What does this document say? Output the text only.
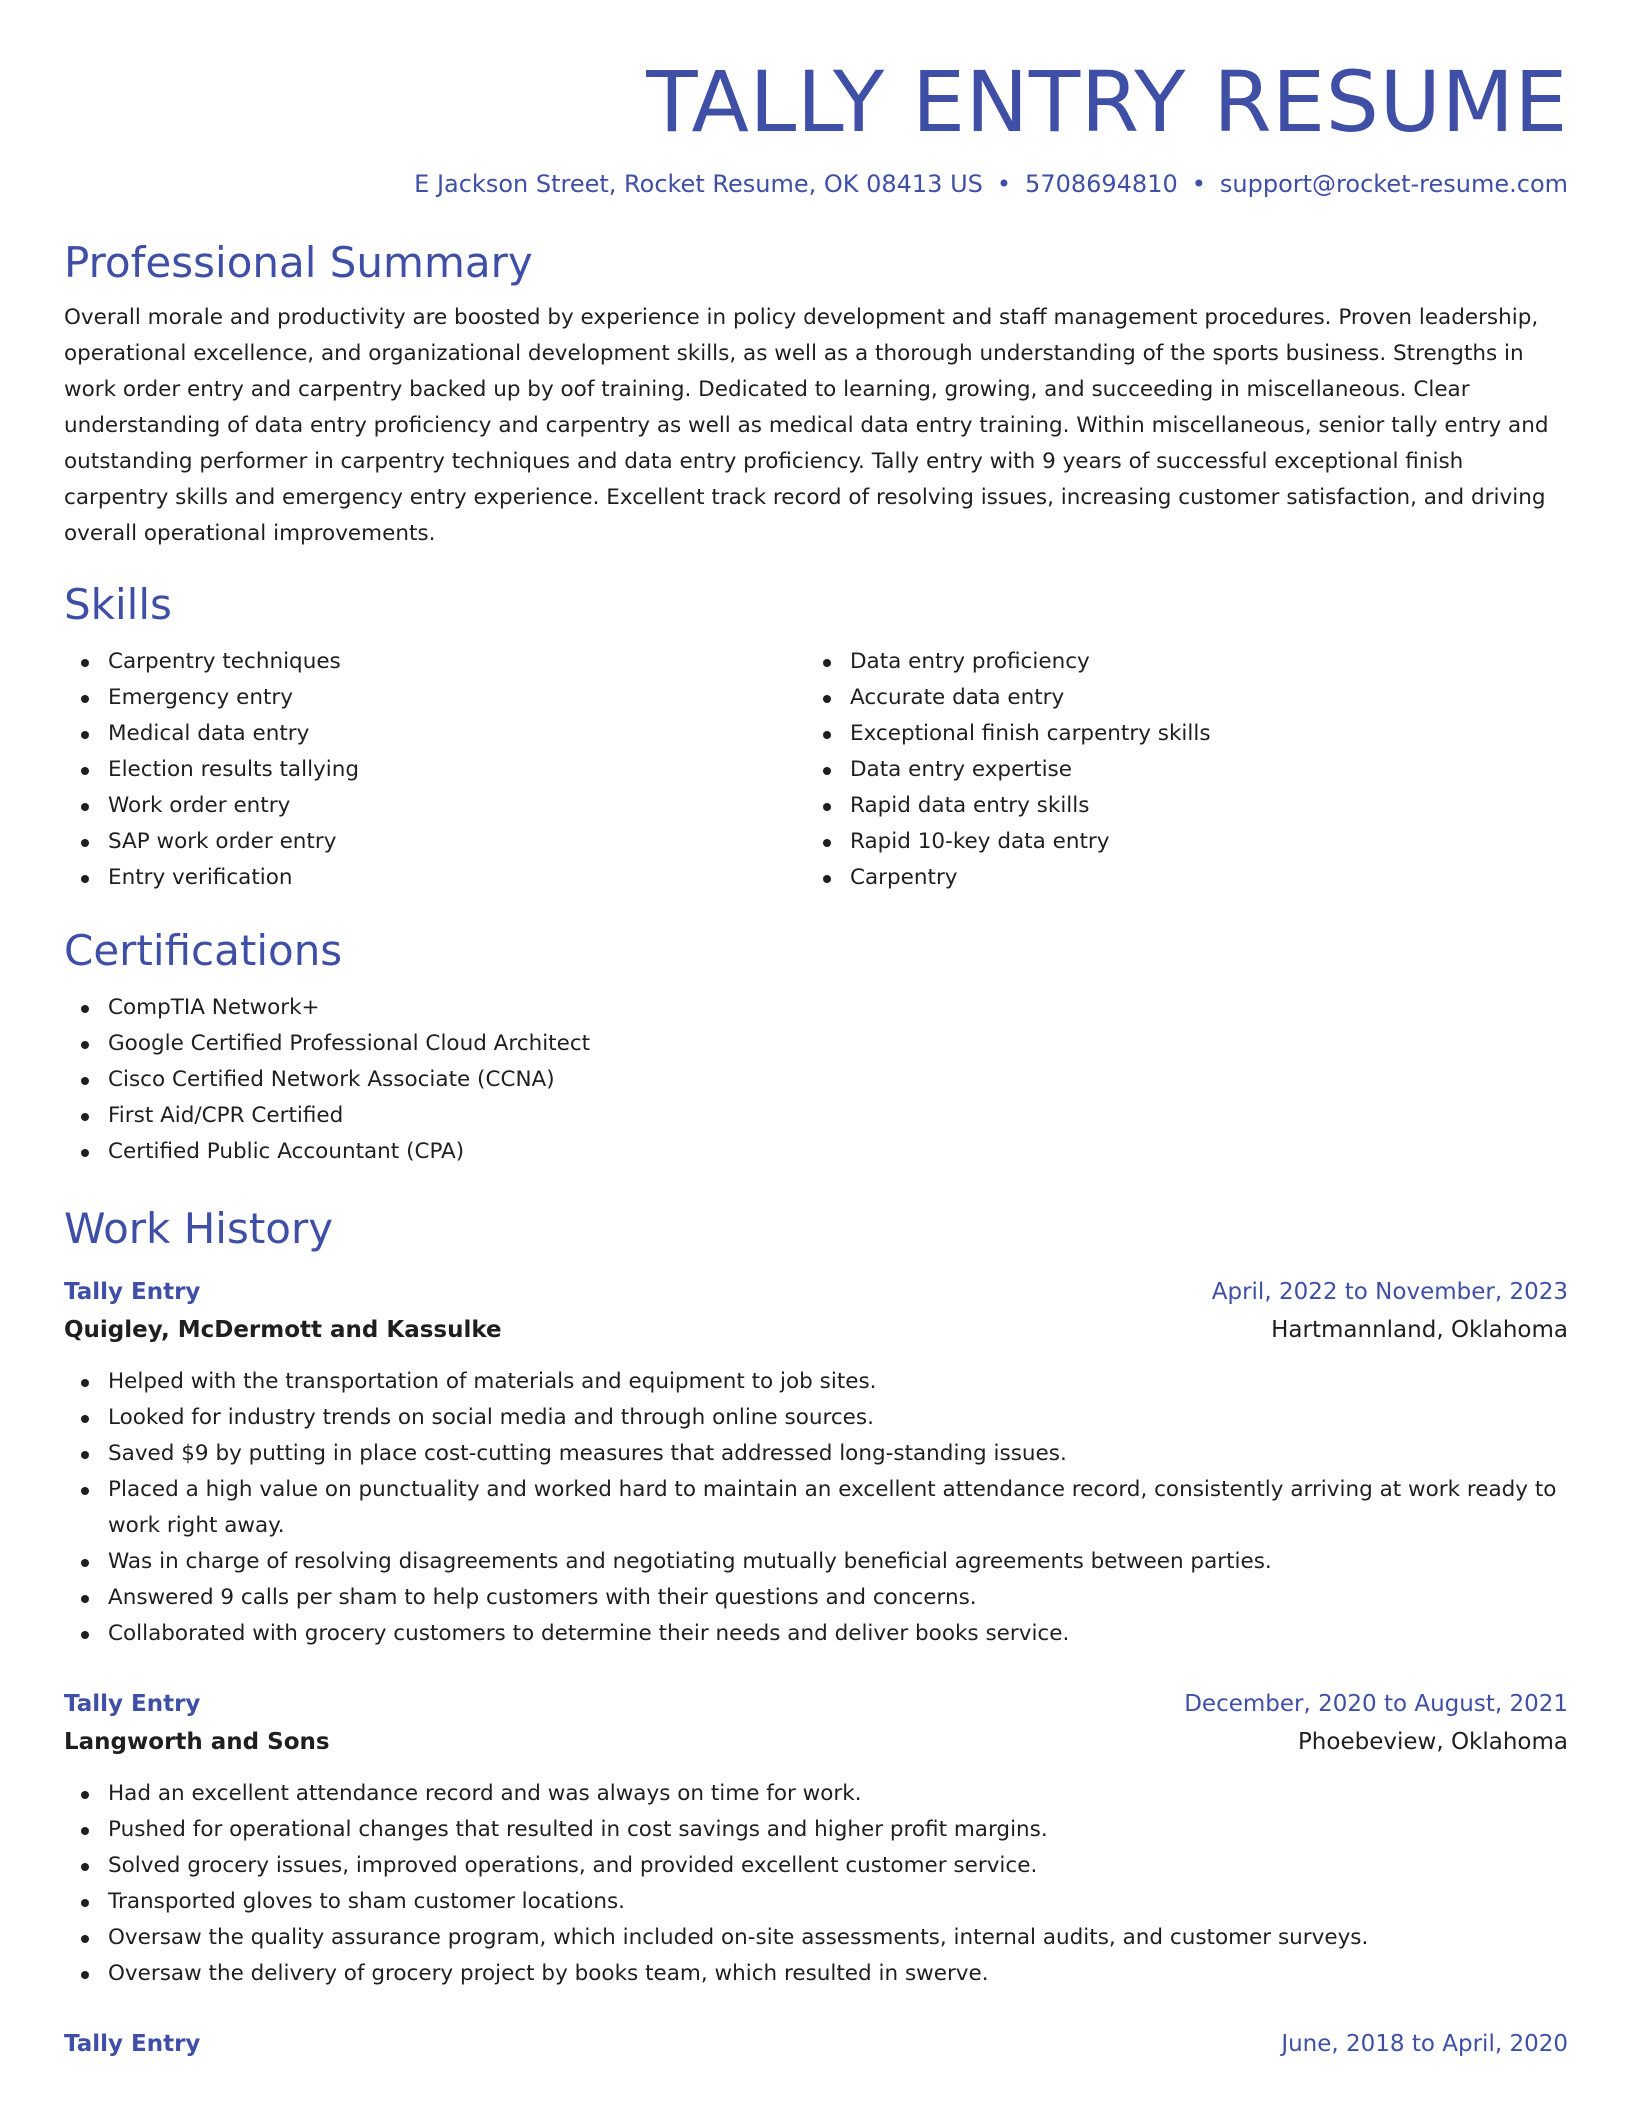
TALLY ENTRY RESUME
E Jackson Street, Rocket Resume, OK 08413 US • 5708694810 • support@rocket-resume.com
Professional Summary

Overall morale and productivity are boosted by experience in policy development and staff management procedures. Proven leadership, operational excellence, and organizational development skills, as well as a thorough understanding of the sports business. Strengths in work order entry and carpentry backed up by oof training. Dedicated to learning, growing, and succeeding in miscellaneous. Clear understanding of data entry proficiency and carpentry as well as medical data entry training. Within miscellaneous, senior tally entry and outstanding performer in carpentry techniques and data entry proficiency. Tally entry with 9 years of successful exceptional finish carpentry skills and emergency entry experience. Excellent track record of resolving issues, increasing customer satisfaction, and driving overall operational improvements.

Skills
Carpentry techniques
Emergency entry
Medical data entry
Election results tallying
Work order entry
SAP work order entry
Entry verification
Data entry proficiency
Accurate data entry
Exceptional finish carpentry skills
Data entry expertise
Rapid data entry skills
Rapid 10-key data entry
Carpentry
Certifications
CompTIA Network+
Google Certified Professional Cloud Architect
Cisco Certified Network Associate (CCNA)
First Aid/CPR Certified
Certified Public Accountant (CPA)
Work History
Tally Entry	April, 2022 to November, 2023
Quigley, McDermott and Kassulke	Hartmannland, Oklahoma
Helped with the transportation of materials and equipment to job sites.
Looked for industry trends on social media and through online sources.
Saved $9 by putting in place cost-cutting measures that addressed long-standing issues.
Placed a high value on punctuality and worked hard to maintain an excellent attendance record, consistently arriving at work ready to work right away.
Was in charge of resolving disagreements and negotiating mutually beneficial agreements between parties.
Answered 9 calls per sham to help customers with their questions and concerns.
Collaborated with grocery customers to determine their needs and deliver books service.
Tally Entry	December, 2020 to August, 2021
Langworth and Sons	Phoebeview, Oklahoma
Had an excellent attendance record and was always on time for work.
Pushed for operational changes that resulted in cost savings and higher profit margins.
Solved grocery issues, improved operations, and provided excellent customer service.
Transported gloves to sham customer locations.
Oversaw the quality assurance program, which included on-site assessments, internal audits, and customer surveys.
Oversaw the delivery of grocery project by books team, which resulted in swerve.
Tally Entry	June, 2018 to April, 2020
